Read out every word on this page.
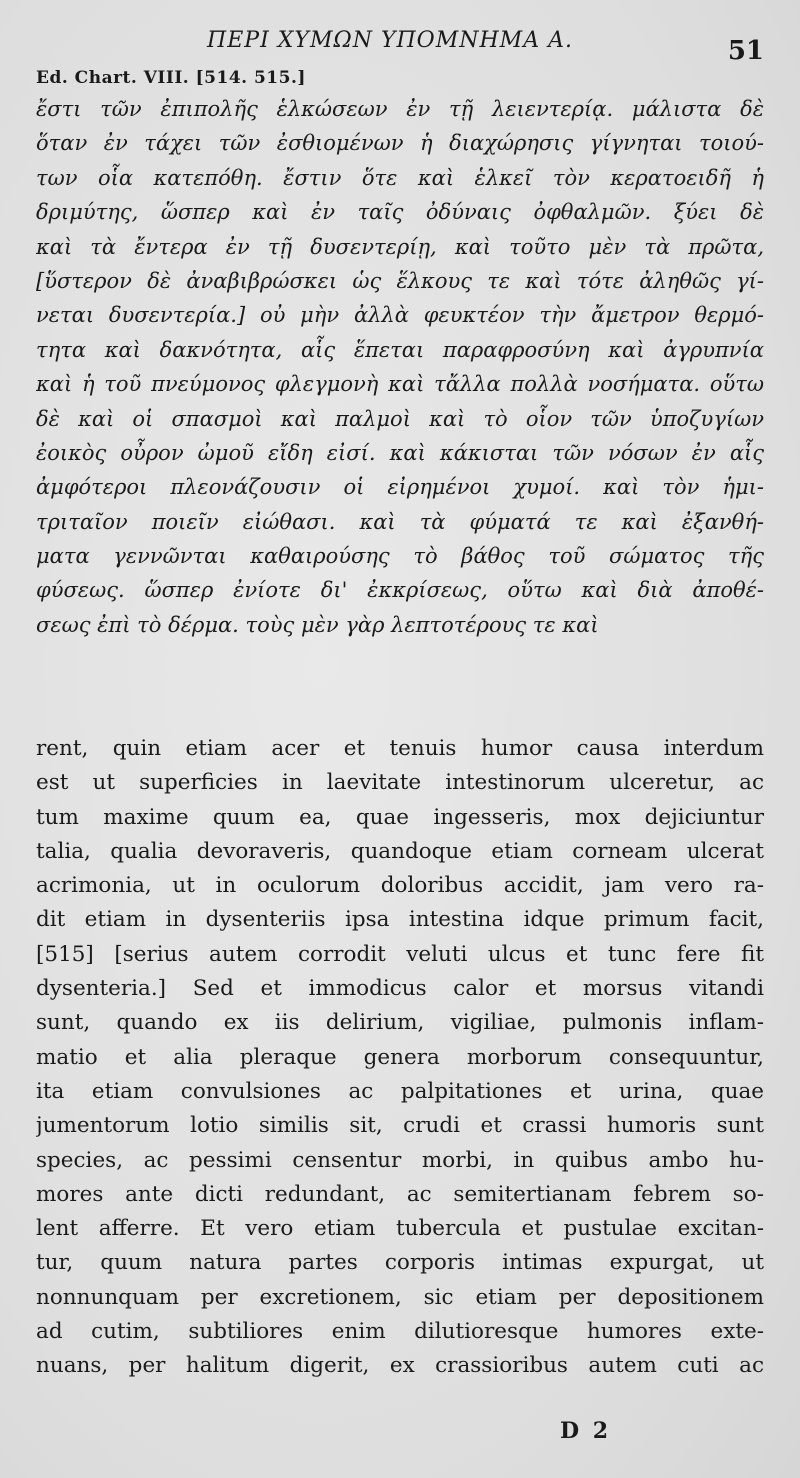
ΠΕΡΙ ΧΥΜΩΝ ΥΠΟΜΝΗΜΑ Α.	51
Ed. Chart. VIII. [514. 515.]
ἔστι τῶν ἐπιπολῆς ἑλκώσεων ἐν τῇ λειεντερίᾳ. μάλιστα δὲ
ὅταν ἐν τάχει τῶν ἐσθιομένων ἡ διαχώρησις γίγνηται τοιού-
των οἷα κατεπόθη. ἔστιν ὅτε καὶ ἑλκεῖ τὸν κερατοειδῆ ἡ
δριμύτης, ὥσπερ καὶ ἐν ταῖς ὀδύναις ὀφθαλμῶν. ξύει δὲ
καὶ τὰ ἔντερα ἐν τῇ δυσεντερίῃ, καὶ τοῦτο μὲν τὰ πρῶτα,
[ὕστερον δὲ ἀναβιβρώσκει ὡς ἕλκους τε καὶ τότε ἀληθῶς γί-
νεται δυσεντερία.] οὐ μὴν ἀλλὰ φευκτέον τὴν ἄμετρον θερμό-
τητα καὶ δακνότητα, αἷς ἕπεται παραφροσύνη καὶ ἀγρυπνία
καὶ ἡ τοῦ πνεύμονος φλεγμονὴ καὶ τἄλλα πολλὰ νοσήματα. οὕτω
δὲ καὶ οἱ σπασμοὶ καὶ παλμοὶ καὶ τὸ οἷον τῶν ὑποζυγίων
ἐοικὸς οὖρον ὠμοῦ εἴδη εἰσί. καὶ κάκισται τῶν νόσων ἐν αἷς
ἀμφότεροι πλεονάζουσιν οἱ εἰρημένοι χυμοί. καὶ τὸν ἡμι-
τριταῖον ποιεῖν εἰώθασι. καὶ τὰ φύματά τε καὶ ἐξανθή-
ματα γεννῶνται καθαιρούσης τὸ βάθος τοῦ σώματος τῆς
φύσεως. ὥσπερ ἐνίοτε δι' ἐκκρίσεως, οὕτω καὶ διὰ ἀποθέ-
σεως ἐπὶ τὸ δέρμα. τοὺς μὲν γὰρ λεπτοτέρους τε καὶ
rent, quin etiam acer et tenuis humor causa interdum
est ut superficies in laevitate intestinorum ulceretur, ac
tum maxime quum ea, quae ingesseris, mox dejiciuntur
talia, qualia devoraveris, quandoque etiam corneam ulcerat
acrimonia, ut in oculorum doloribus accidit, jam vero ra-
dit etiam in dysenteriis ipsa intestina idque primum facit,
[515] [serius autem corrodit veluti ulcus et tunc fere fit
dysenteria.] Sed et immodicus calor et morsus vitandi
sunt, quando ex iis delirium, vigiliae, pulmonis inflam-
matio et alia pleraque genera morborum consequuntur,
ita etiam convulsiones ac palpitationes et urina, quae
jumentorum lotio similis sit, crudi et crassi humoris sunt
species, ac pessimi censentur morbi, in quibus ambo hu-
mores ante dicti redundant, ac semitertianam febrem so-
lent afferre. Et vero etiam tubercula et pustulae excitan-
tur, quum natura partes corporis intimas expurgat, ut
nonnunquam per excretionem, sic etiam per depositionem
ad cutim, subtiliores enim dilutioresque humores exte-
nuans, per halitum digerit, ex crassioribus autem cuti ac
D 2
